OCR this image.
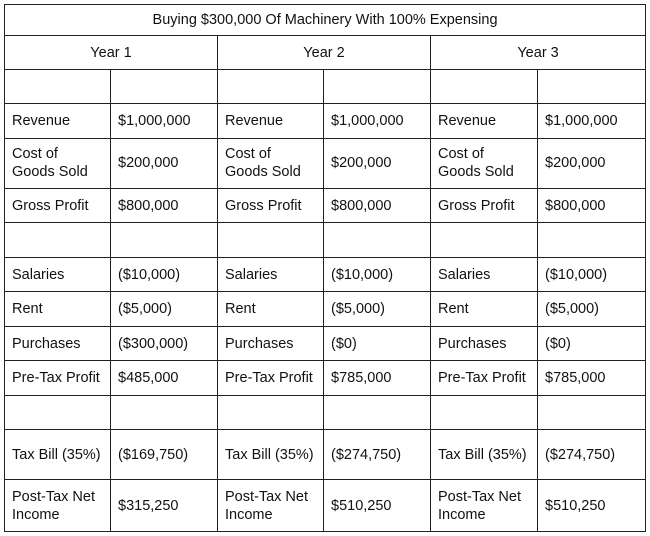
Buying $300,000 Of Machinery With 100% Expensing					
Year 1		Year 2		Year 3	

Revenue	$1,000,000	Revenue	$1,000,000	Revenue	$1,000,000
Cost of Goods Sold	$200,000	Cost of Goods Sold	$200,000	Cost of Goods Sold	$200,000
Gross Profit	$800,000	Gross Profit	$800,000	Gross Profit	$800,000

Salaries	($10,000)	Salaries	($10,000)	Salaries	($10,000)
Rent	($5,000)	Rent	($5,000)	Rent	($5,000)
Purchases	($300,000)	Purchases	($0)	Purchases	($0)
Pre-Tax Profit	$485,000	Pre-Tax Profit	$785,000	Pre-Tax Profit	$785,000

Tax Bill (35%)	($169,750)	Tax Bill (35%)	($274,750)	Tax Bill (35%)	($274,750)
Post-Tax Net Income	$315,250	Post-Tax Net Income	$510,250	Post-Tax Net Income	$510,250
